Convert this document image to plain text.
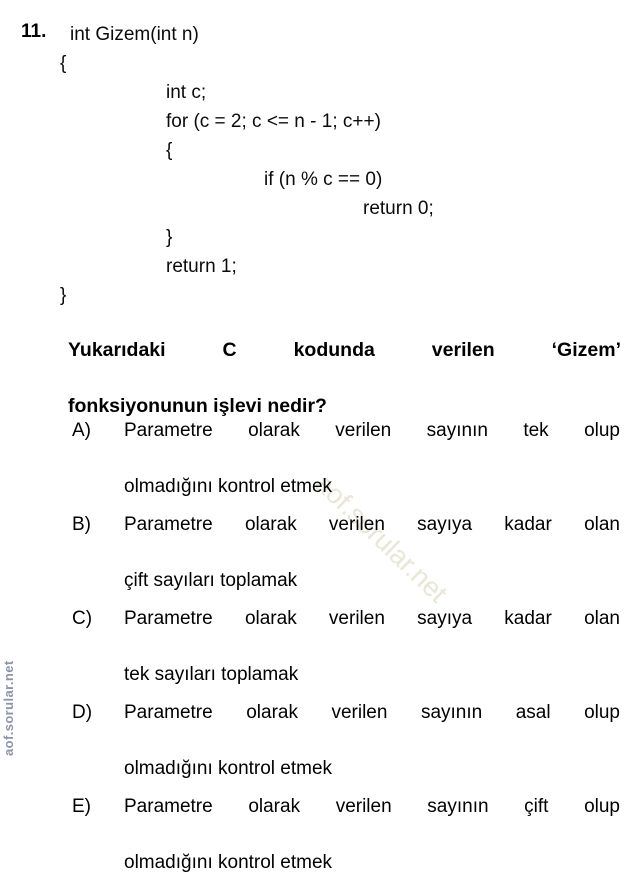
aof.sorular.net
aof.sorular.net
11.	int Gizem(int n)
{
int c;
for (c = 2; c <= n - 1; c++)
{
if (n % c == 0)
return 0;
}
return 1;
}
Yukarıdaki C kodunda verilen ‘Gizem’
fonksiyonunun işlevi nedir?
A) Parametre olarak verilen sayının tek olup
olmadığını kontrol etmek
B) Parametre olarak verilen sayıya kadar olan
çift sayıları toplamak
C) Parametre olarak verilen sayıya kadar olan
tek sayıları toplamak
D) Parametre olarak verilen sayının asal olup
olmadığını kontrol etmek
E) Parametre olarak verilen sayının çift olup
olmadığını kontrol etmek
